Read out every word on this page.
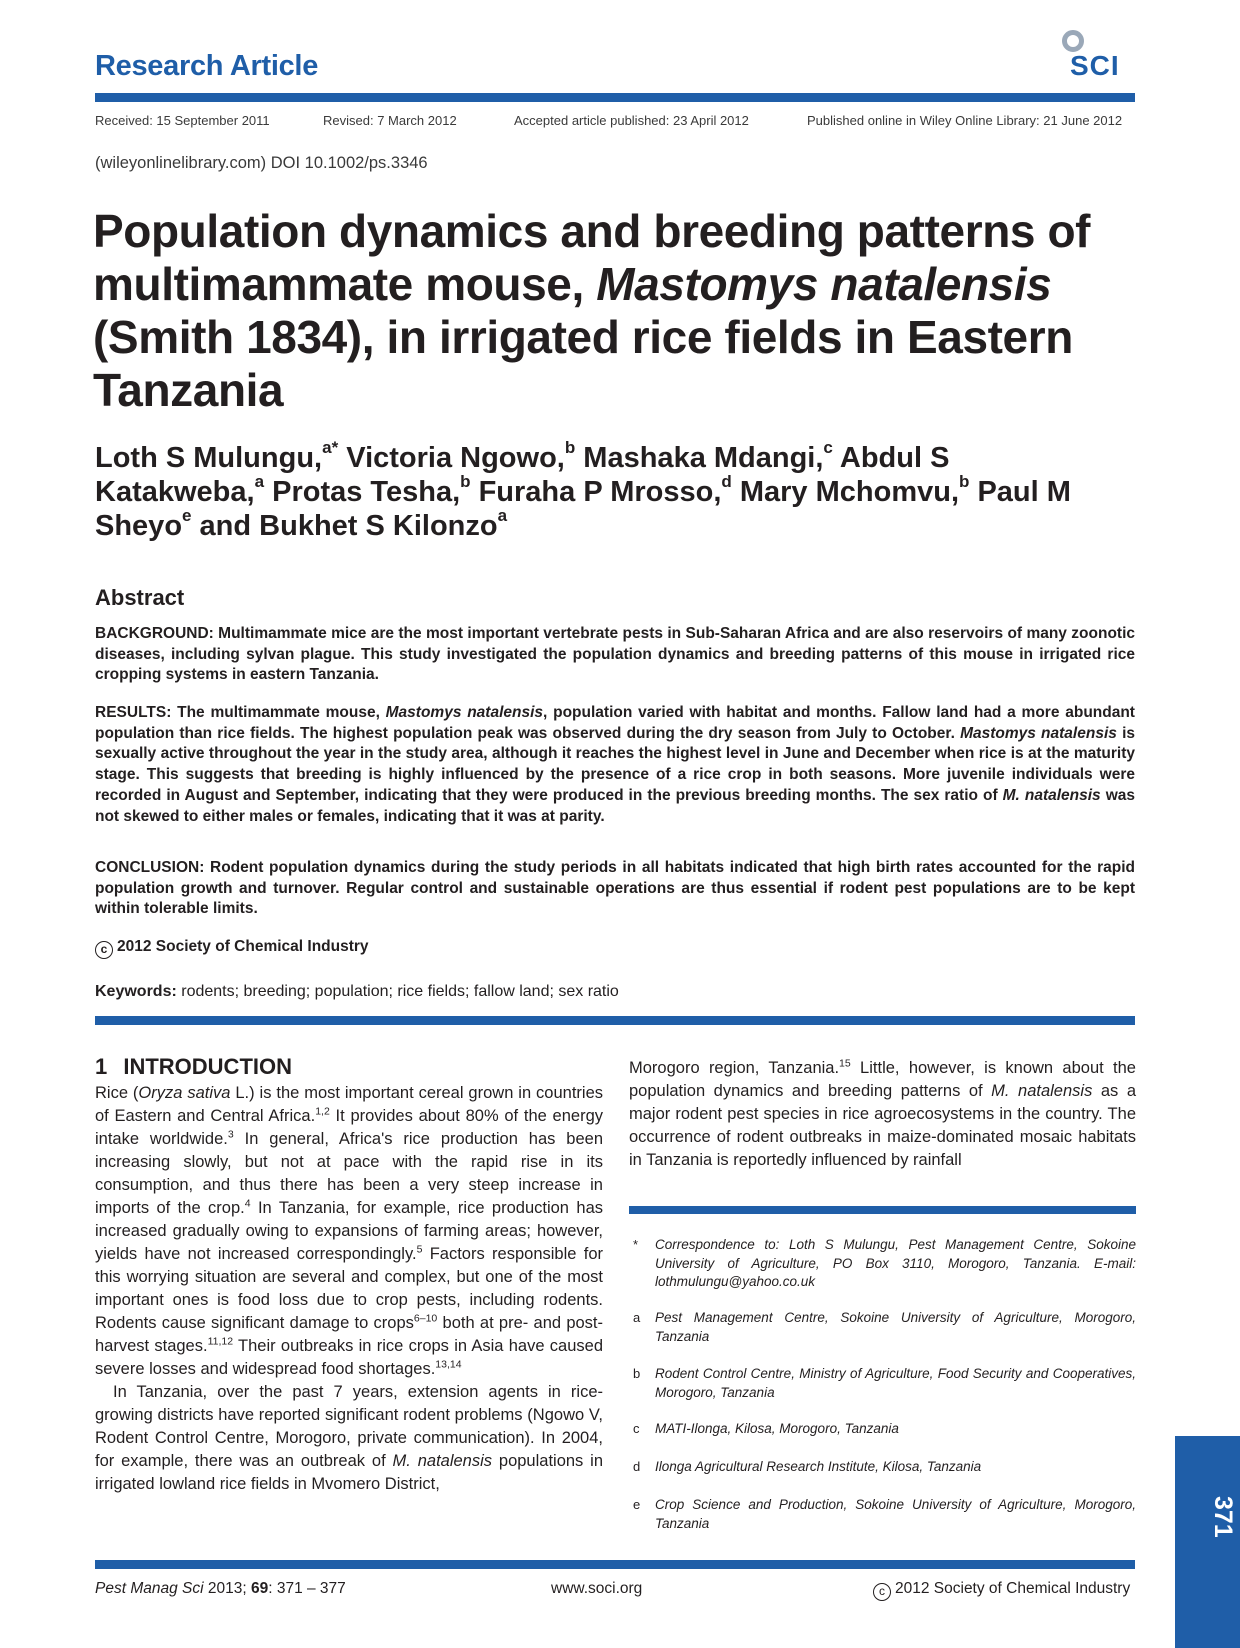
Research Article	SCI
Received: 15 September 2011	Revised: 7 March 2012	Accepted article published: 23 April 2012	Published online in Wiley Online Library: 21 June 2012
(wileyonlinelibrary.com) DOI 10.1002/ps.3346
Population dynamics and breeding patterns of multimammate mouse, Mastomys natalensis (Smith 1834), in irrigated rice fields in Eastern Tanzania
Loth S Mulungu,$^{a*}$ Victoria Ngowo,$^b$ Mashaka Mdangi,$^c$ Abdul S Katakweba,$^a$ Protas Tesha,$^b$ Furaha P Mrosso,$^d$ Mary Mchomvu,$^b$ Paul M Sheyo$^e$ and Bukhet S Kilonzo$^a$
Abstract

BACKGROUND: Multimammate mice are the most important vertebrate pests in Sub-Saharan Africa and are also reservoirs of many zoonotic diseases, including sylvan plague. This study investigated the population dynamics and breeding patterns of this mouse in irrigated rice cropping systems in eastern Tanzania.

RESULTS: The multimammate mouse, Mastomys natalensis, population varied with habitat and months. Fallow land had a more abundant population than rice fields. The highest population peak was observed during the dry season from July to October. Mastomys natalensis is sexually active throughout the year in the study area, although it reaches the highest level in June and December when rice is at the maturity stage. This suggests that breeding is highly influenced by the presence of a rice crop in both seasons. More juvenile individuals were recorded in August and September, indicating that they were produced in the previous breeding months. The sex ratio of M. natalensis was not skewed to either males or females, indicating that it was at parity.

CONCLUSION: Rodent population dynamics during the study periods in all habitats indicated that high birth rates accounted for the rapid population growth and turnover. Regular control and sustainable operations are thus essential if rodent pest populations are to be kept within tolerable limits.

c 2012 Society of Chemical Industry
Keywords: rodents; breeding; population; rice fields; fallow land; sex ratio
1 INTRODUCTION

Rice (Oryza sativa L.) is the most important cereal grown in countries of Eastern and Central Africa.$^{1,2}$ It provides about 80% of the energy intake worldwide.$^3$ In general, Africa's rice production has been increasing slowly, but not at pace with the rapid rise in its consumption, and thus there has been a very steep increase in imports of the crop.$^4$ In Tanzania, for example, rice production has increased gradually owing to expansions of farming areas; however, yields have not increased correspondingly.$^5$ Factors responsible for this worrying situation are several and complex, but one of the most important ones is food loss due to crop pests, including rodents. Rodents cause significant damage to crops$^{6-10}$ both at pre- and post-harvest stages.$^{11,12}$ Their outbreaks in rice crops in Asia have caused severe losses and widespread food shortages.$^{13,14}$

In Tanzania, over the past 7 years, extension agents in rice-growing districts have reported significant rodent problems (Ngowo V, Rodent Control Centre, Morogoro, private communication). In 2004, for example, there was an outbreak of M. natalensis populations in irrigated lowland rice fields in Mvomero District,

Morogoro region, Tanzania.$^{15}$ Little, however, is known about the population dynamics and breeding patterns of M. natalensis as a major rodent pest species in rice agroecosystems in the country. The occurrence of rodent outbreaks in maize-dominated mosaic habitats in Tanzania is reportedly influenced by rainfall

* Correspondence to: Loth S Mulungu, Pest Management Centre, Sokoine University of Agriculture, PO Box 3110, Morogoro, Tanzania. E-mail: lothmulungu@yahoo.co.uk
a Pest Management Centre, Sokoine University of Agriculture, Morogoro, Tanzania
b Rodent Control Centre, Ministry of Agriculture, Food Security and Cooperatives, Morogoro, Tanzania
c MATI-Ilonga, Kilosa, Morogoro, Tanzania
d Ilonga Agricultural Research Institute, Kilosa, Tanzania
e Crop Science and Production, Sokoine University of Agriculture, Morogoro, Tanzania	371
Pest Manag Sci 2013; 69: 371 – 377	www.soci.org	c 2012 Society of Chemical Industry
